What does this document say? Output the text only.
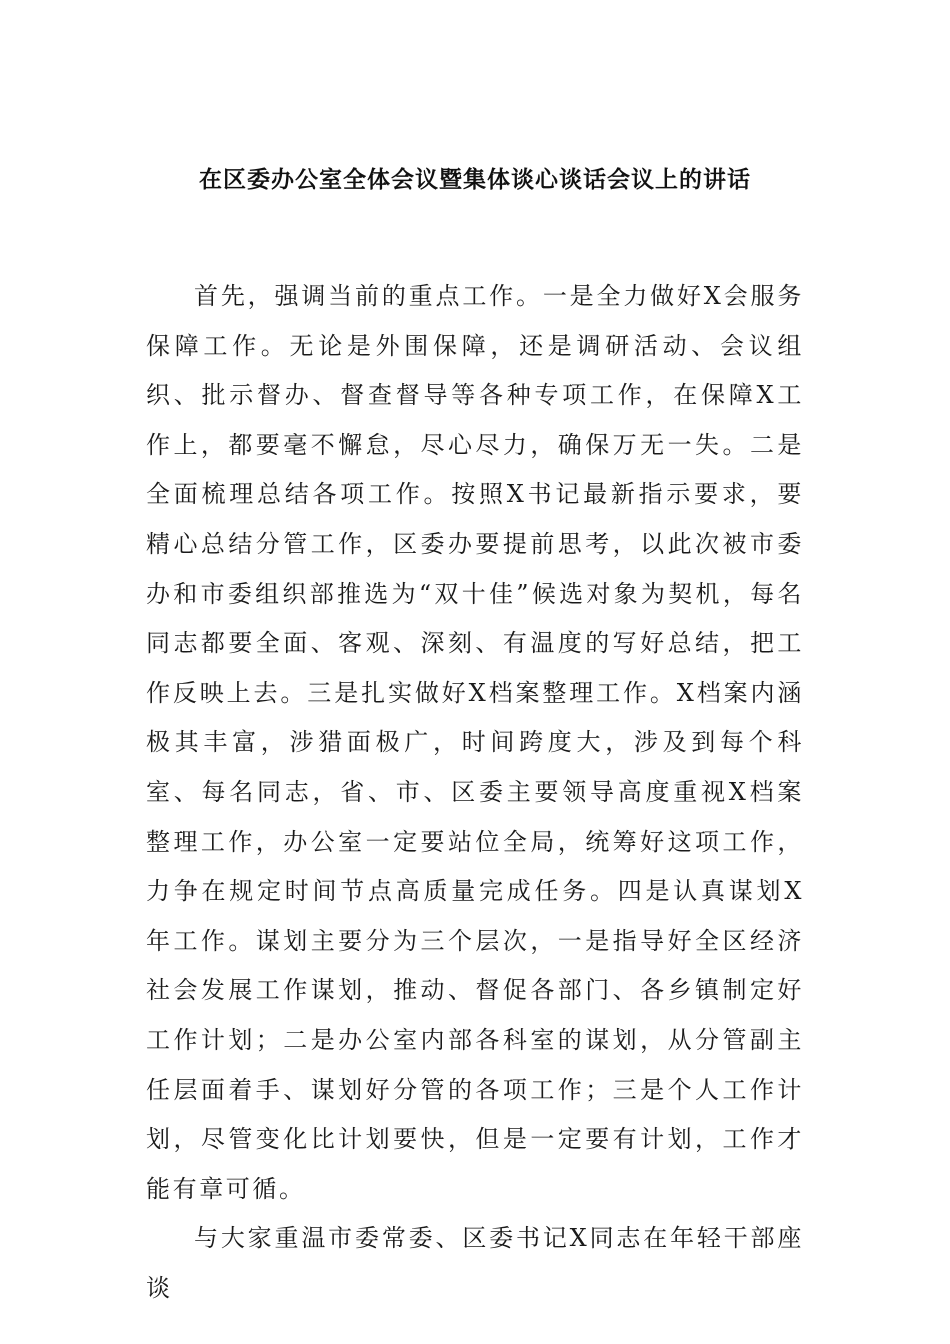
在区委办公室全体会议暨集体谈心谈话会议上的讲话

首先，强调当前的重点工作。一是全力做好X会服务保障工作。无论是外围保障，还是调研活动、会议组织、批示督办、督查督导等各种专项工作，在保障X工作上，都要毫不懈怠，尽心尽力，确保万无一失。二是全面梳理总结各项工作。按照X书记最新指示要求，要精心总结分管工作，区委办要提前思考，以此次被市委办和市委组织部推选为“双十佳”候选对象为契机，每名同志都要全面、客观、深刻、有温度的写好总结，把工作反映上去。三是扎实做好X档案整理工作。X档案内涵极其丰富，涉猎面极广，时间跨度大，涉及到每个科室、每名同志，省、市、区委主要领导高度重视X档案整理工作，办公室一定要站位全局，统筹好这项工作，力争在规定时间节点高质量完成任务。四是认真谋划X年工作。谋划主要分为三个层次，一是指导好全区经济社会发展工作谋划，推动、督促各部门、各乡镇制定好工作计划；二是办公室内部各科室的谋划，从分管副主任层面着手、谋划好分管的各项工作；三是个人工作计划，尽管变化比计划要快，但是一定要有计划，工作才能有章可循。

与大家重温市委常委、区委书记X同志在年轻干部座谈
